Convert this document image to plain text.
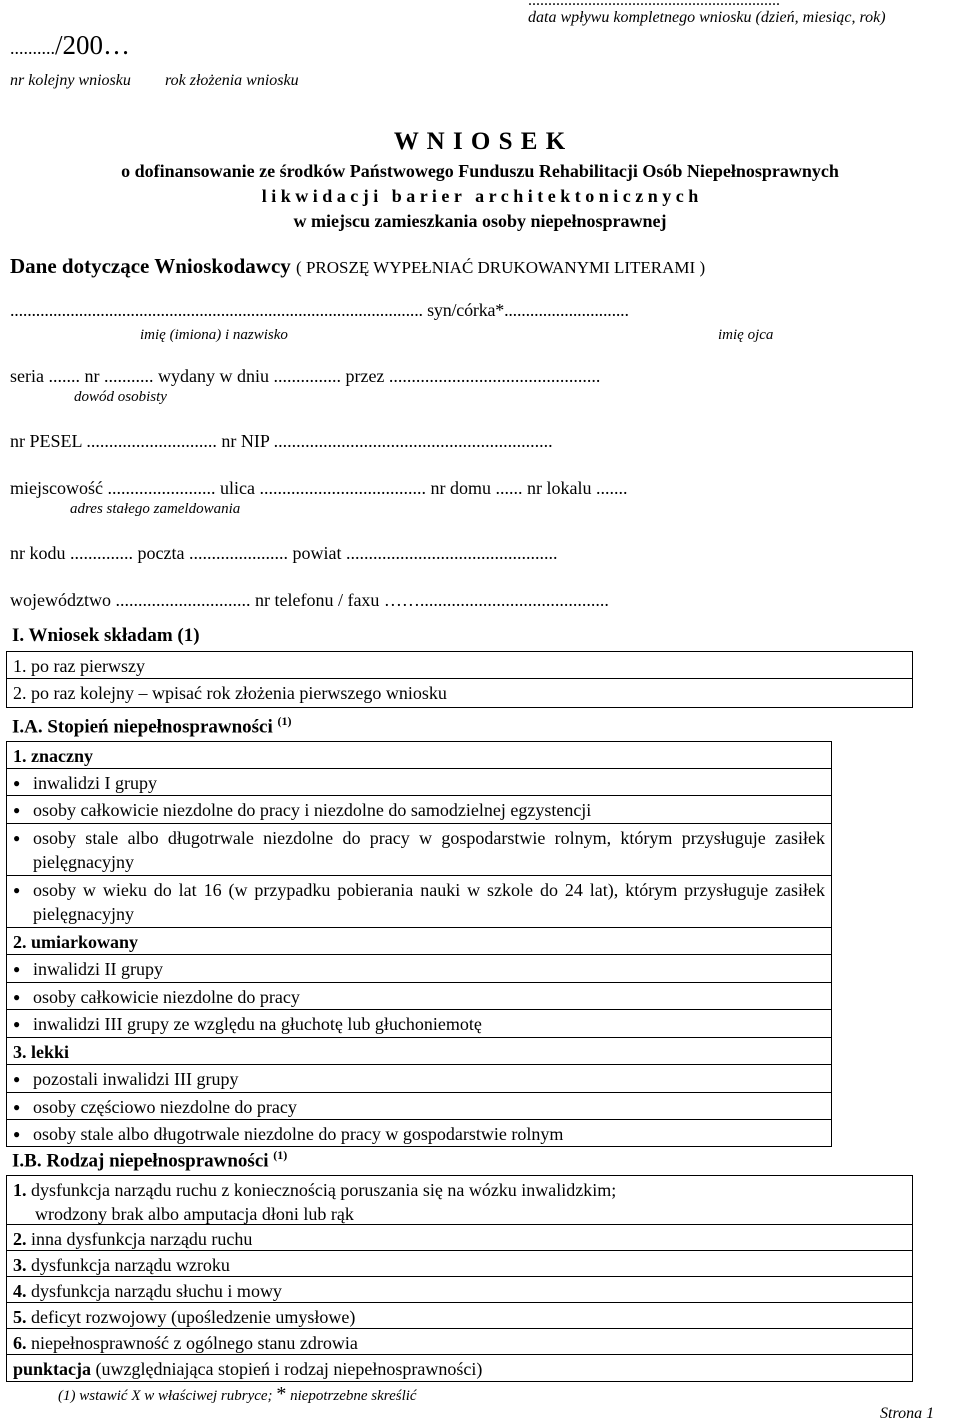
...............................................................
data wpływu kompletnego wniosku (dzień, miesiąc, rok)
........../200…
nr kolejny wniosku rok złożenia wniosku
W N I O S E K
o dofinansowanie ze środków Państwowego Funduszu Rehabilitacji Osób Niepełnosprawnych
l i k w i d a c j i   b a r i e r   a r c h i t e k t o n i c z n y c h
w miejscu zamieszkania osoby niepełnosprawnej
Dane dotyczące Wnioskodawcy ( PROSZĘ WYPEŁNIAĆ DRUKOWANYMI LITERAMI )
................................................................................................ syn/córka*.............................
imię (imiona) i nazwisko	imię ojca
seria ....... nr ........... wydany w dniu ............... przez ...............................................
dowód osobisty
nr PESEL ............................. nr NIP ..............................................................
miejscowość ........................ ulica ..................................... nr domu ...... nr lokalu .......
adres stałego zameldowania
nr kodu .............. poczta ...................... powiat ...............................................
województwo .............................. nr telefonu / faxu ……..........................................
I. Wniosek składam (1)
1. po raz pierwszy
2. po raz kolejny – wpisać rok złożenia pierwszego wniosku
I.A. Stopień niepełnosprawności $^{(1)}$
1. znaczny
● inwalidzi I grupy
● osoby całkowicie niezdolne do pracy i niezdolne do samodzielnej egzystencji
● osoby stale albo długotrwale niezdolne do pracy w gospodarstwie rolnym, którym przysługuje zasiłek pielęgnacyjny
● osoby w wieku do lat 16 (w przypadku pobierania nauki w szkole do 24 lat), którym przysługuje zasiłek pielęgnacyjny
2. umiarkowany
● inwalidzi II grupy
● osoby całkowicie niezdolne do pracy
● inwalidzi III grupy ze względu na głuchotę lub głuchoniemotę
3. lekki
● pozostali inwalidzi III grupy
● osoby częściowo niezdolne do pracy
● osoby stale albo długotrwale niezdolne do pracy w gospodarstwie rolnym
I.B. Rodzaj niepełnosprawności $^{(1)}$
1. dysfunkcja narządu ruchu z koniecznością poruszania się na wózku inwalidzkim;
wrodzony brak albo amputacja dłoni lub rąk
2. inna dysfunkcja narządu ruchu
3. dysfunkcja narządu wzroku
4. dysfunkcja narządu słuchu i mowy
5. deficyt rozwojowy (upośledzenie umysłowe)
6. niepełnosprawność z ogólnego stanu zdrowia
punktacja (uwzględniająca stopień i rodzaj niepełnosprawności)
(1) wstawić X w właściwej rubryce; * niepotrzebne skreślić
Strona 1
